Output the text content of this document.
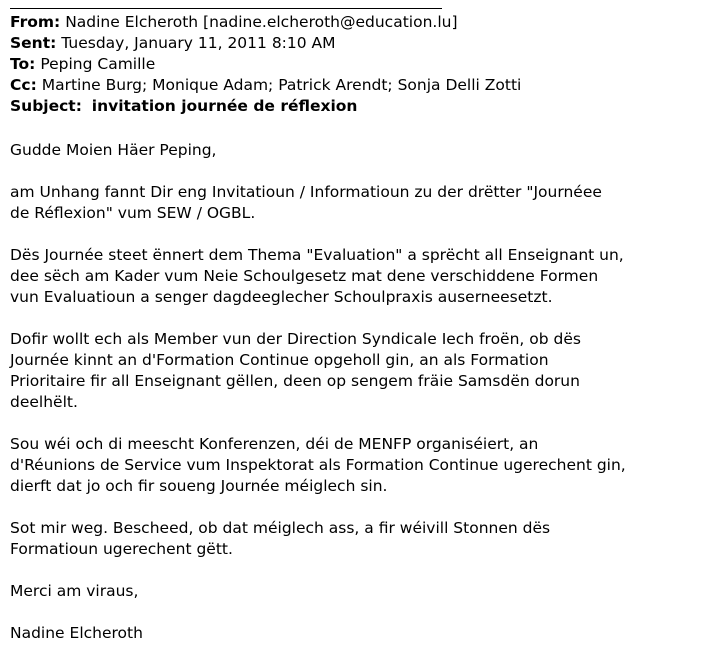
From: Nadine Elcheroth [nadine.elcheroth@education.lu]
Sent: Tuesday, January 11, 2011 8:10 AM
To: Peping Camille
Cc: Martine Burg; Monique Adam; Patrick Arendt; Sonja Delli Zotti
Subject: invitation journée de réflexion

Gudde Moien Häer Peping,

am Unhang fannt Dir eng Invitatioun / Informatioun zu der drëtter "Journéee
de Réflexion" vum SEW / OGBL.

Dës Journée steet ënnert dem Thema "Evaluation" a sprëcht all Enseignant un,
dee sëch am Kader vum Neie Schoulgesetz mat dene verschiddene Formen
vun Evaluatioun a senger dagdeeglecher Schoulpraxis auserneesetzt.

Dofir wollt ech als Member vun der Direction Syndicale Iech froën, ob dës
Journée kinnt an d'Formation Continue opgeholl gin, an als Formation
Prioritaire fir all Enseignant gëllen, deen op sengem fräie Samsdën dorun
deelhëlt.

Sou wéi och di meescht Konferenzen, déi de MENFP organiséiert, an
d'Réunions de Service vum Inspektorat als Formation Continue ugerechent gin,
dierft dat jo och fir soueng Journée méiglech sin.

Sot mir weg. Bescheed, ob dat méiglech ass, a fir wéivill Stonnen dës
Formatioun ugerechent gëtt.

Merci am viraus,

Nadine Elcheroth
